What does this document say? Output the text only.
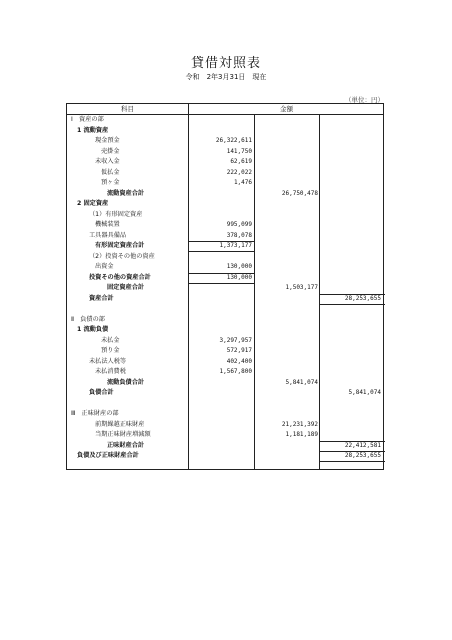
貸借対照表
令和　2年3月31日　現在
（単位：円）
科目	金額
Ⅰ　資産の部
1 流動資産
現金預金	26,322,611
売掛金	141,750
未収入金	62,619
仮払金	222,022
預ヶ金	1,476
流動資産合計	26,750,478
2 固定資産
（1）有形固定資産
機械装置	995,099
工具器具備品	378,078
有形固定資産合計	1,373,177
（2）投資その他の資産
出資金	130,000
投資その他の資産合計	130,000
固定資産合計	1,503,177
資産合計	28,253,655
Ⅱ　負債の部
1 流動負債
未払金	3,297,957
預り金	572,917
未払法人税等	402,400
未払消費税	1,567,800
流動負債合計	5,841,074
負債合計	5,841,074
Ⅲ　正味財産の部
前期繰越正味財産	21,231,392
当期正味財産増減額	1,181,189
正味財産合計	22,412,581
負債及び正味財産合計	28,253,655
